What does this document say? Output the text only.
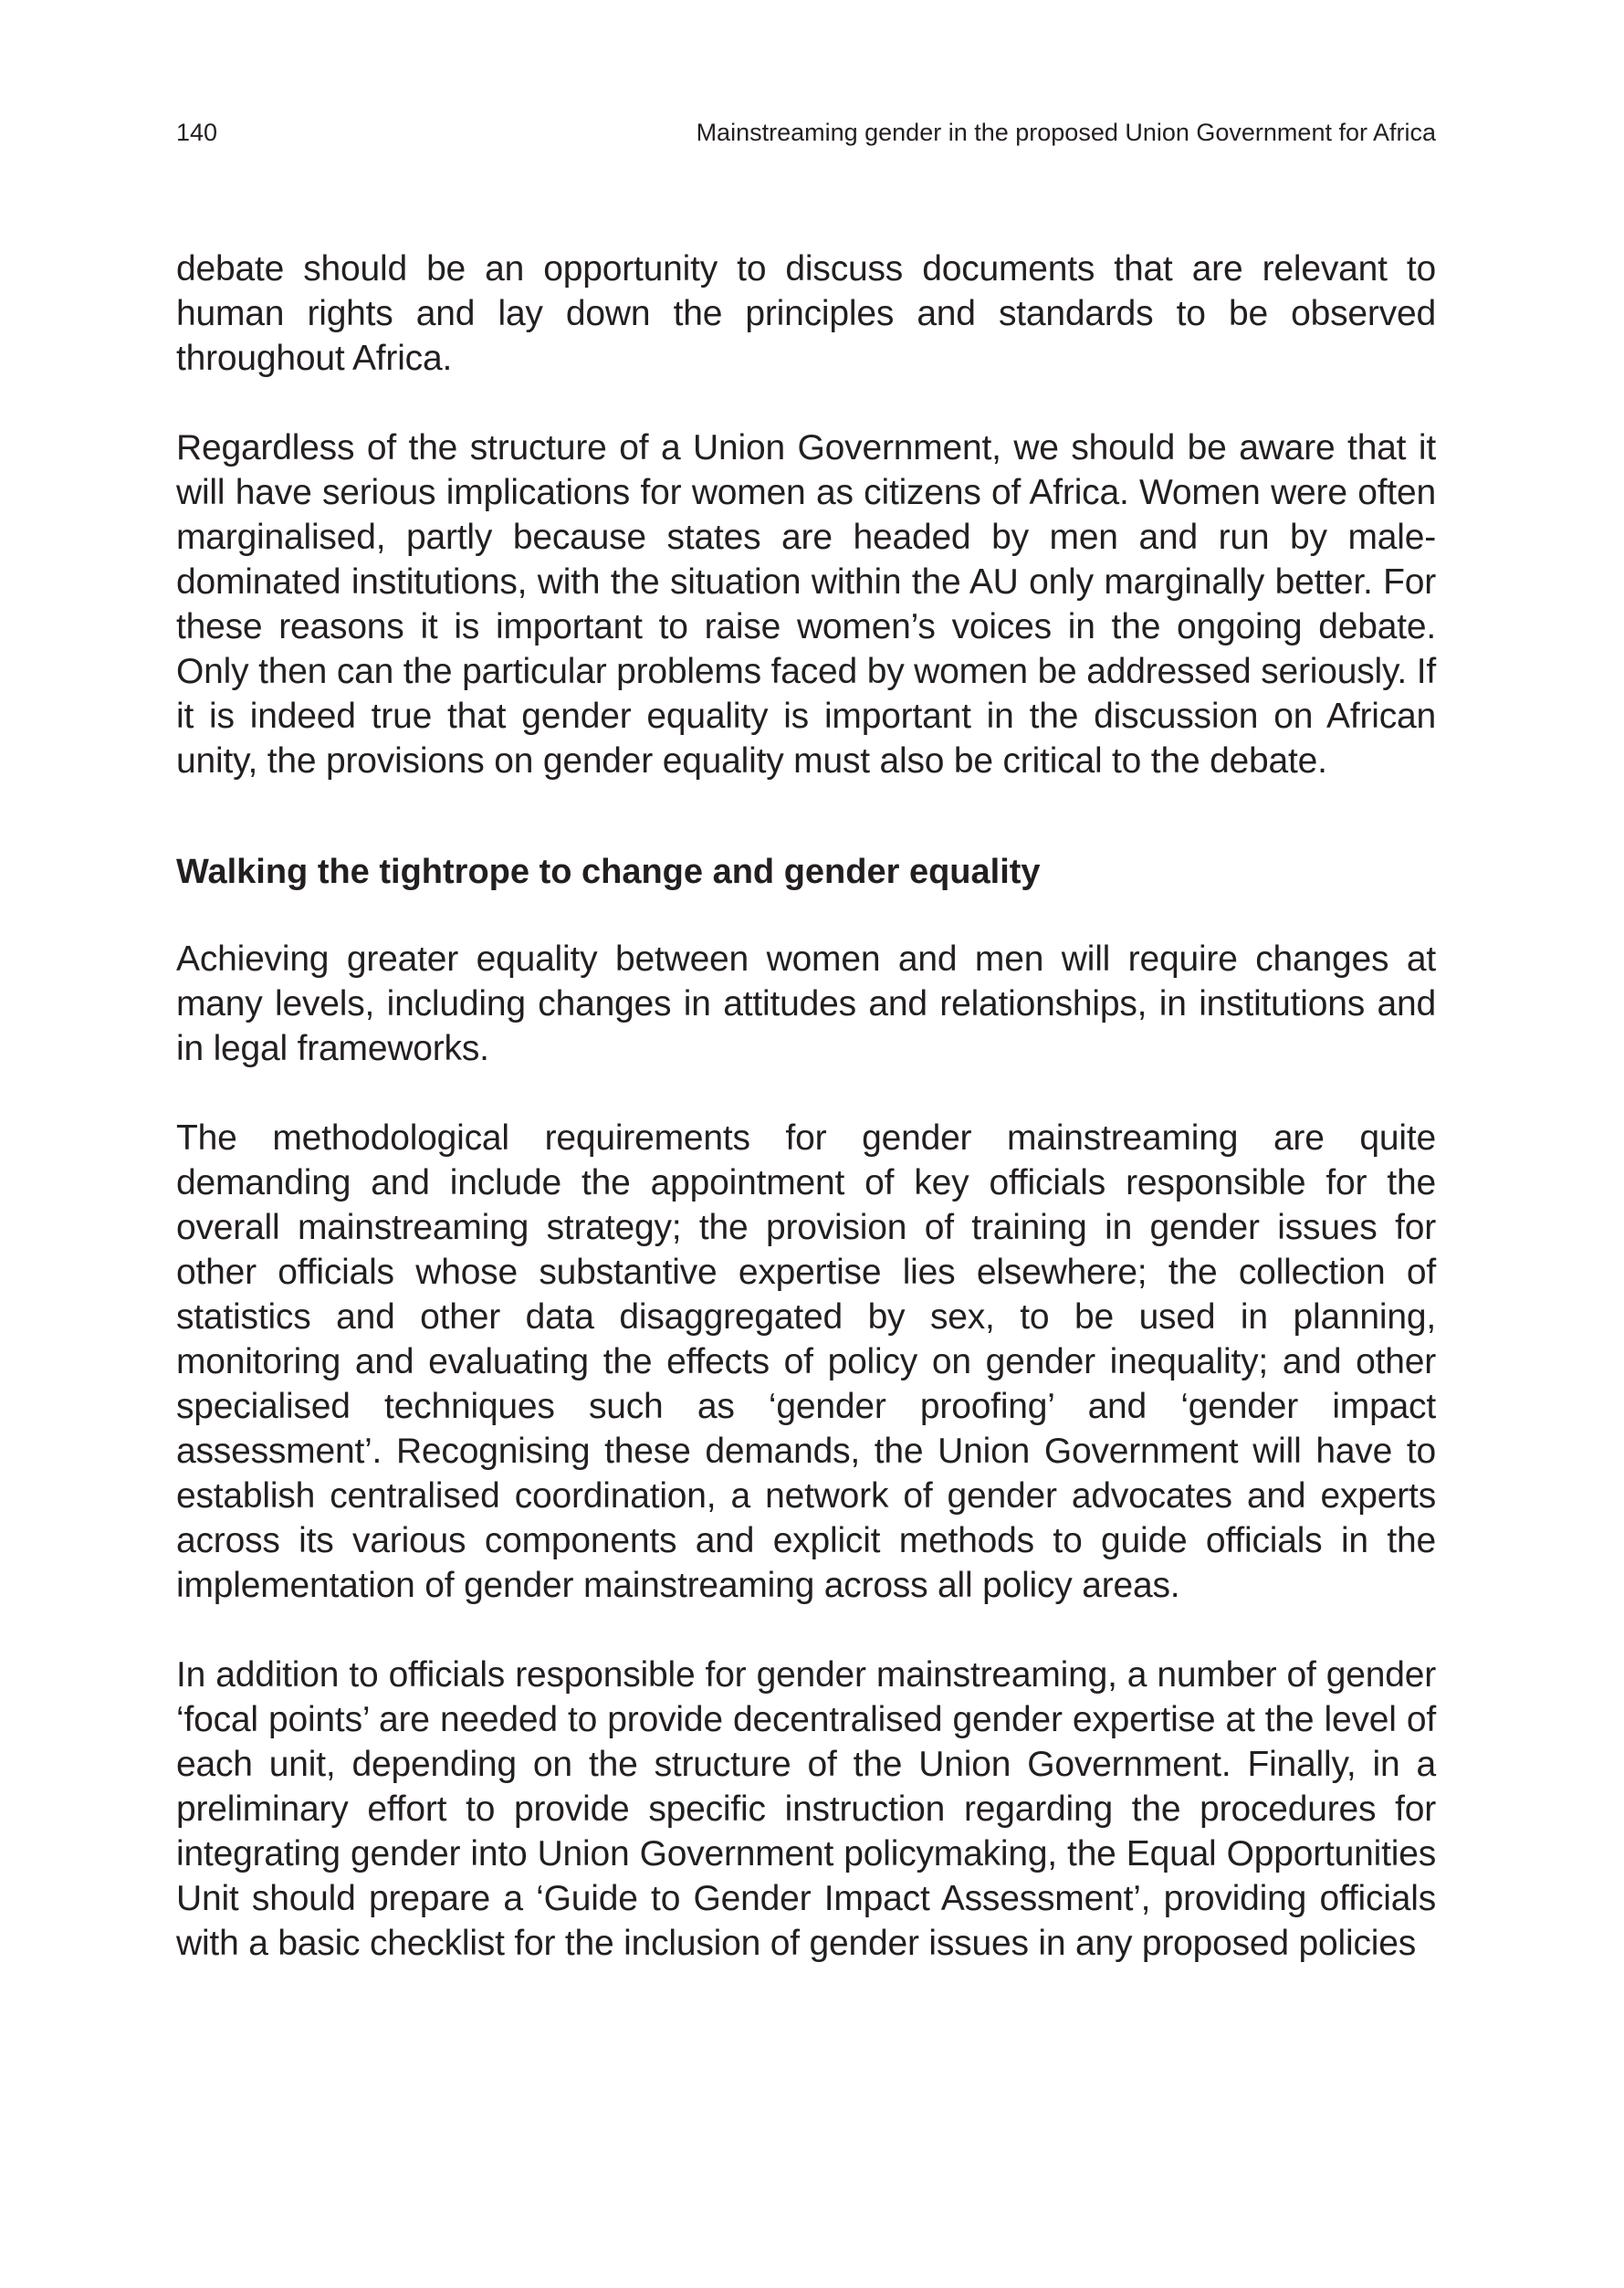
140	Mainstreaming gender in the proposed Union Government for Africa

debate should be an opportunity to discuss documents that are relevant to human rights and lay down the principles and standards to be observed throughout Africa.

Regardless of the structure of a Union Government, we should be aware that it will have serious implications for women as citizens of Africa. Women were often marginalised, partly because states are headed by men and run by male-dominated institutions, with the situation within the AU only marginally better. For these reasons it is important to raise women’s voices in the ongoing debate. Only then can the particular problems faced by women be addressed seriously. If it is indeed true that gender equality is important in the discussion on African unity, the provisions on gender equality must also be critical to the debate.

Walking the tightrope to change and gender equality

Achieving greater equality between women and men will require changes at many levels, including changes in attitudes and relationships, in institutions and in legal frameworks.

The methodological requirements for gender mainstreaming are quite demanding and include the appointment of key officials responsible for the overall mainstreaming strategy; the provision of training in gender issues for other officials whose substantive expertise lies elsewhere; the collection of statistics and other data disaggregated by sex, to be used in planning, monitoring and evaluating the effects of policy on gender inequality; and other specialised techniques such as ‘gender proofing’ and ‘gender impact assessment’. Recognising these demands, the Union Government will have to establish centralised coordination, a network of gender advocates and experts across its various components and explicit methods to guide officials in the implementation of gender mainstreaming across all policy areas.

In addition to officials responsible for gender mainstreaming, a number of gender ‘focal points’ are needed to provide decentralised gender expertise at the level of each unit, depending on the structure of the Union Government. Finally, in a preliminary effort to provide specific instruction regarding the procedures for integrating gender into Union Government policymaking, the Equal Opportunities Unit should prepare a ‘Guide to Gender Impact Assessment’, providing officials with a basic checklist for the inclusion of gender issues in any proposed policies
